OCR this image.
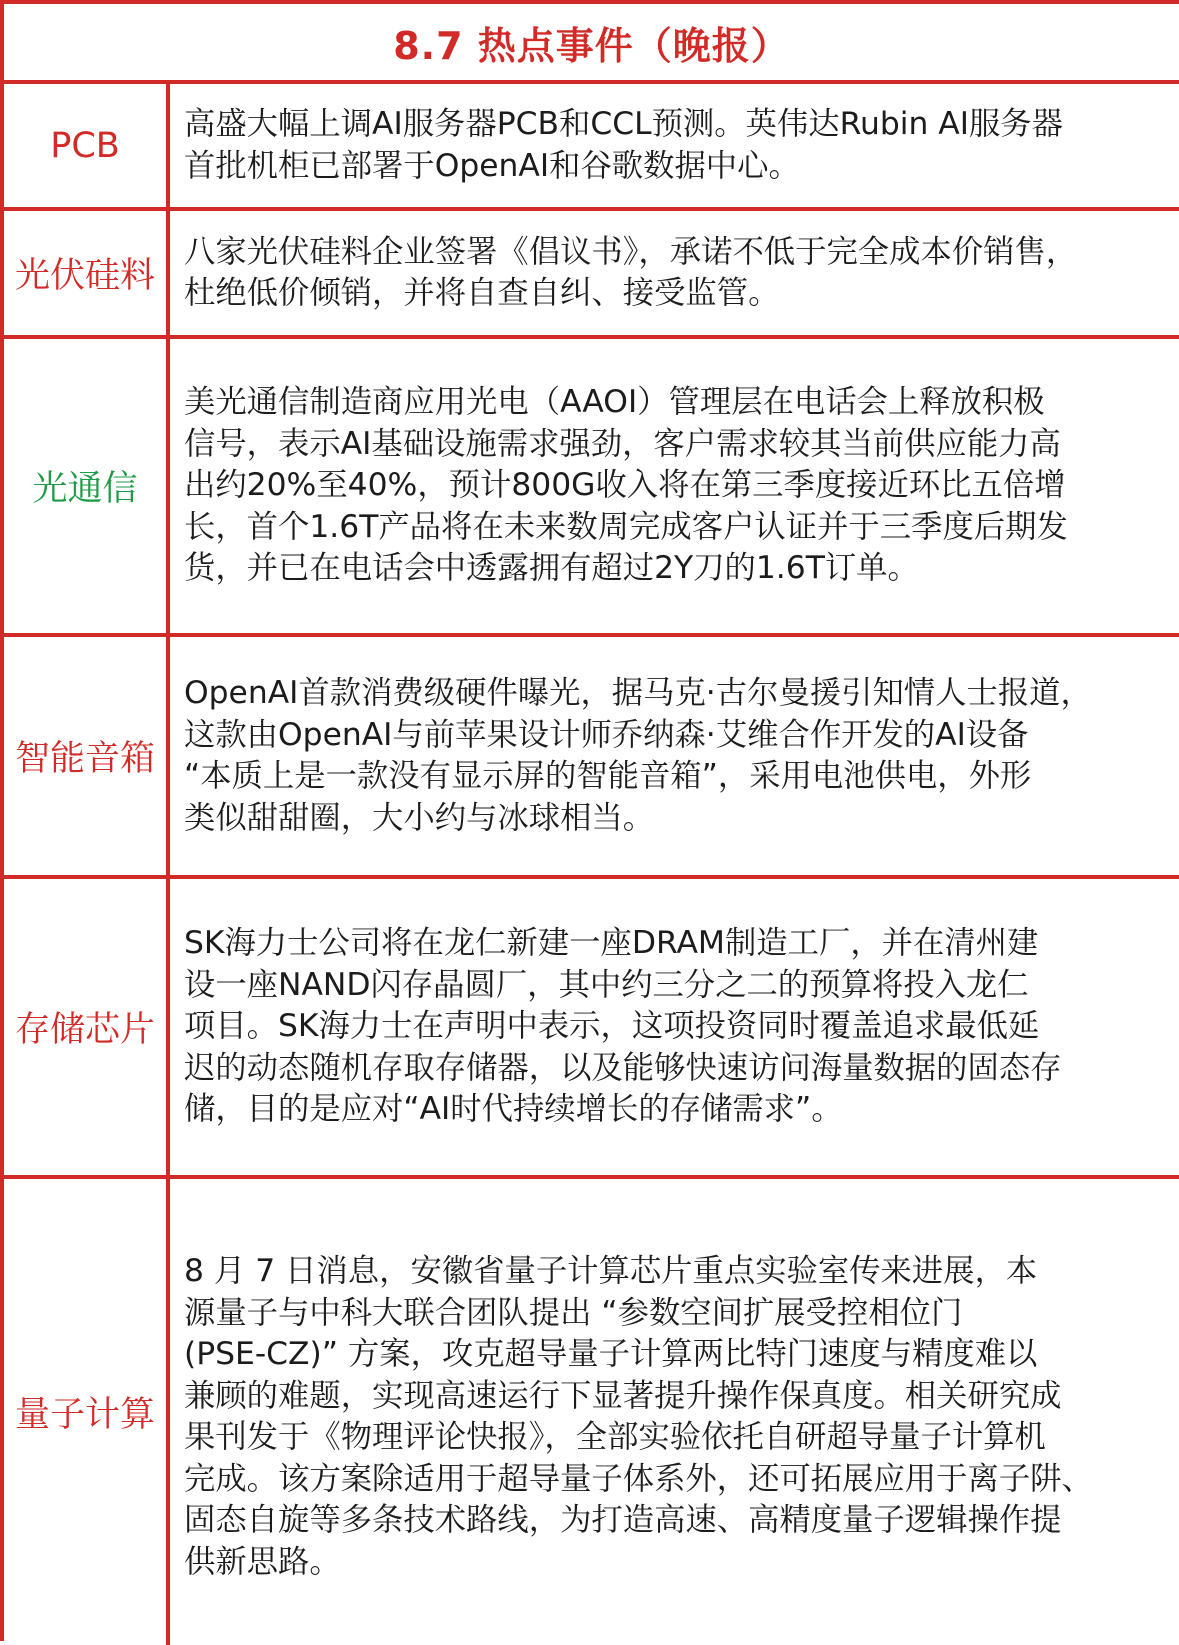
8.7 热点事件（晚报）
PCB
高盛大幅上调AI服务器PCB和CCL预测。英伟达Rubin AI服务器
首批机柜已部署于OpenAI和谷歌数据中心。
光伏硅料
八家光伏硅料企业签署《倡议书》，承诺不低于完全成本价销售，
杜绝低价倾销，并将自查自纠、接受监管。
光通信
美光通信制造商应用光电（AAOI）管理层在电话会上释放积极
信号，表示AI基础设施需求强劲，客户需求较其当前供应能力高
出约20%至40%，预计800G收入将在第三季度接近环比五倍增
长，首个1.6T产品将在未来数周完成客户认证并于三季度后期发
货，并已在电话会中透露拥有超过2Y刀的1.6T订单。
智能音箱
OpenAI首款消费级硬件曝光，据马克·古尔曼援引知情人士报道，
这款由OpenAI与前苹果设计师乔纳森·艾维合作开发的AI设备
“本质上是一款没有显示屏的智能音箱”，采用电池供电，外形
类似甜甜圈，大小约与冰球相当。
存储芯片
SK海力士公司将在龙仁新建一座DRAM制造工厂，并在清州建
设一座NAND闪存晶圆厂，其中约三分之二的预算将投入龙仁
项目。SK海力士在声明中表示，这项投资同时覆盖追求最低延
迟的动态随机存取存储器，以及能够快速访问海量数据的固态存
储，目的是应对“AI时代持续增长的存储需求”。
量子计算
8 月 7 日消息，安徽省量子计算芯片重点实验室传来进展，本
源量子与中科大联合团队提出 “参数空间扩展受控相位门
(PSE-CZ)” 方案，攻克超导量子计算两比特门速度与精度难以
兼顾的难题，实现高速运行下显著提升操作保真度。相关研究成
果刊发于《物理评论快报》，全部实验依托自研超导量子计算机
完成。该方案除适用于超导量子体系外，还可拓展应用于离子阱、
固态自旋等多条技术路线，为打造高速、高精度量子逻辑操作提
供新思路。
